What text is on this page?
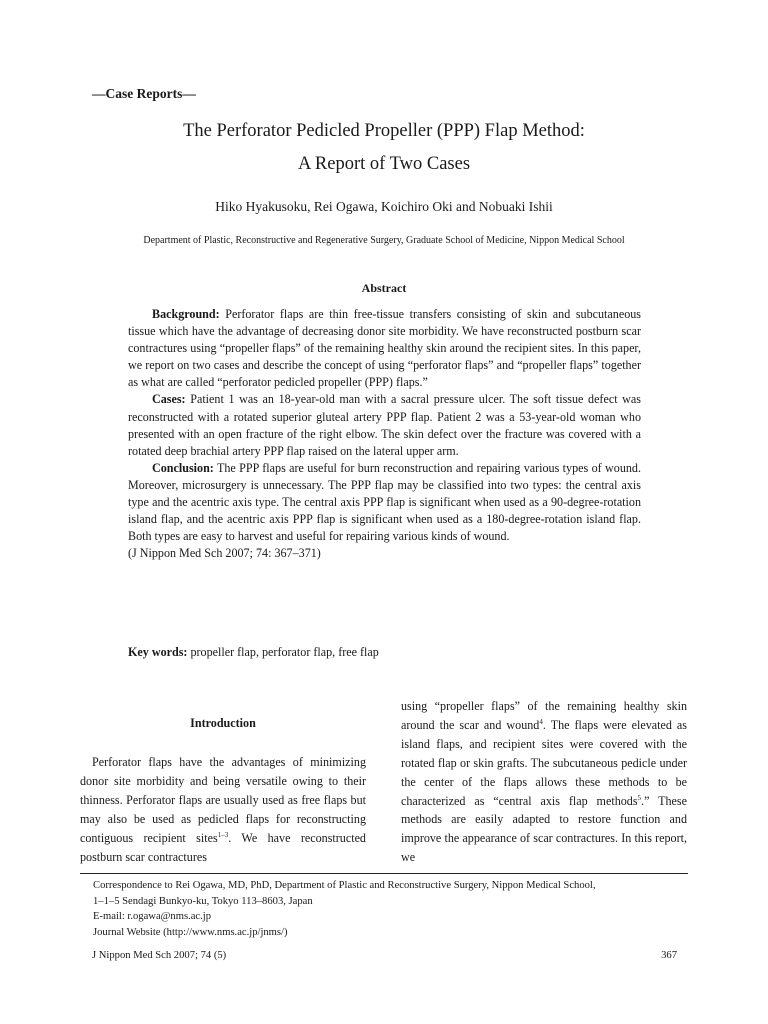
—Case Reports—
The Perforator Pedicled Propeller (PPP) Flap Method:
A Report of Two Cases
Hiko Hyakusoku, Rei Ogawa, Koichiro Oki and Nobuaki Ishii
Department of Plastic, Reconstructive and Regenerative Surgery, Graduate School of Medicine, Nippon Medical School
Abstract

Background: Perforator flaps are thin free-tissue transfers consisting of skin and subcutaneous tissue which have the advantage of decreasing donor site morbidity. We have reconstructed postburn scar contractures using “propeller flaps” of the remaining healthy skin around the recipient sites. In this paper, we report on two cases and describe the concept of using “perforator flaps” and “propeller flaps” together as what are called “perforator pedicled propeller (PPP) flaps.”

Cases: Patient 1 was an 18-year-old man with a sacral pressure ulcer. The soft tissue defect was reconstructed with a rotated superior gluteal artery PPP flap. Patient 2 was a 53-year-old woman who presented with an open fracture of the right elbow. The skin defect over the fracture was covered with a rotated deep brachial artery PPP flap raised on the lateral upper arm.

Conclusion: The PPP flaps are useful for burn reconstruction and repairing various types of wound. Moreover, microsurgery is unnecessary. The PPP flap may be classified into two types: the central axis type and the acentric axis type. The central axis PPP flap is significant when used as a 90-degree-rotation island flap, and the acentric axis PPP flap is significant when used as a 180-degree-rotation island flap. Both types are easy to harvest and useful for repairing various kinds of wound.

(J Nippon Med Sch 2007; 74: 367–371)

Key words: propeller flap, perforator flap, free flap
Introduction
Perforator flaps have the advantages of minimizing donor site morbidity and being versatile owing to their thinness. Perforator flaps are usually used as free flaps but may also be used as pedicled flaps for reconstructing contiguous recipient sites$^{1-3}$. We have reconstructed postburn scar contractures
using “propeller flaps” of the remaining healthy skin around the scar and wound$^4$. The flaps were elevated as island flaps, and recipient sites were covered with the rotated flap or skin grafts. The subcutaneous pedicle under the center of the flaps allows these methods to be characterized as “central axis flap methods$^5$.” These methods are easily adapted to restore function and improve the appearance of scar contractures. In this report, we
Correspondence to Rei Ogawa, MD, PhD, Department of Plastic and Reconstructive Surgery, Nippon Medical School,
1–1–5 Sendagi Bunkyo-ku, Tokyo 113–8603, Japan
E-mail: r.ogawa@nms.ac.jp
Journal Website (http://www.nms.ac.jp/jnms/)
J Nippon Med Sch 2007; 74 (5)	367
